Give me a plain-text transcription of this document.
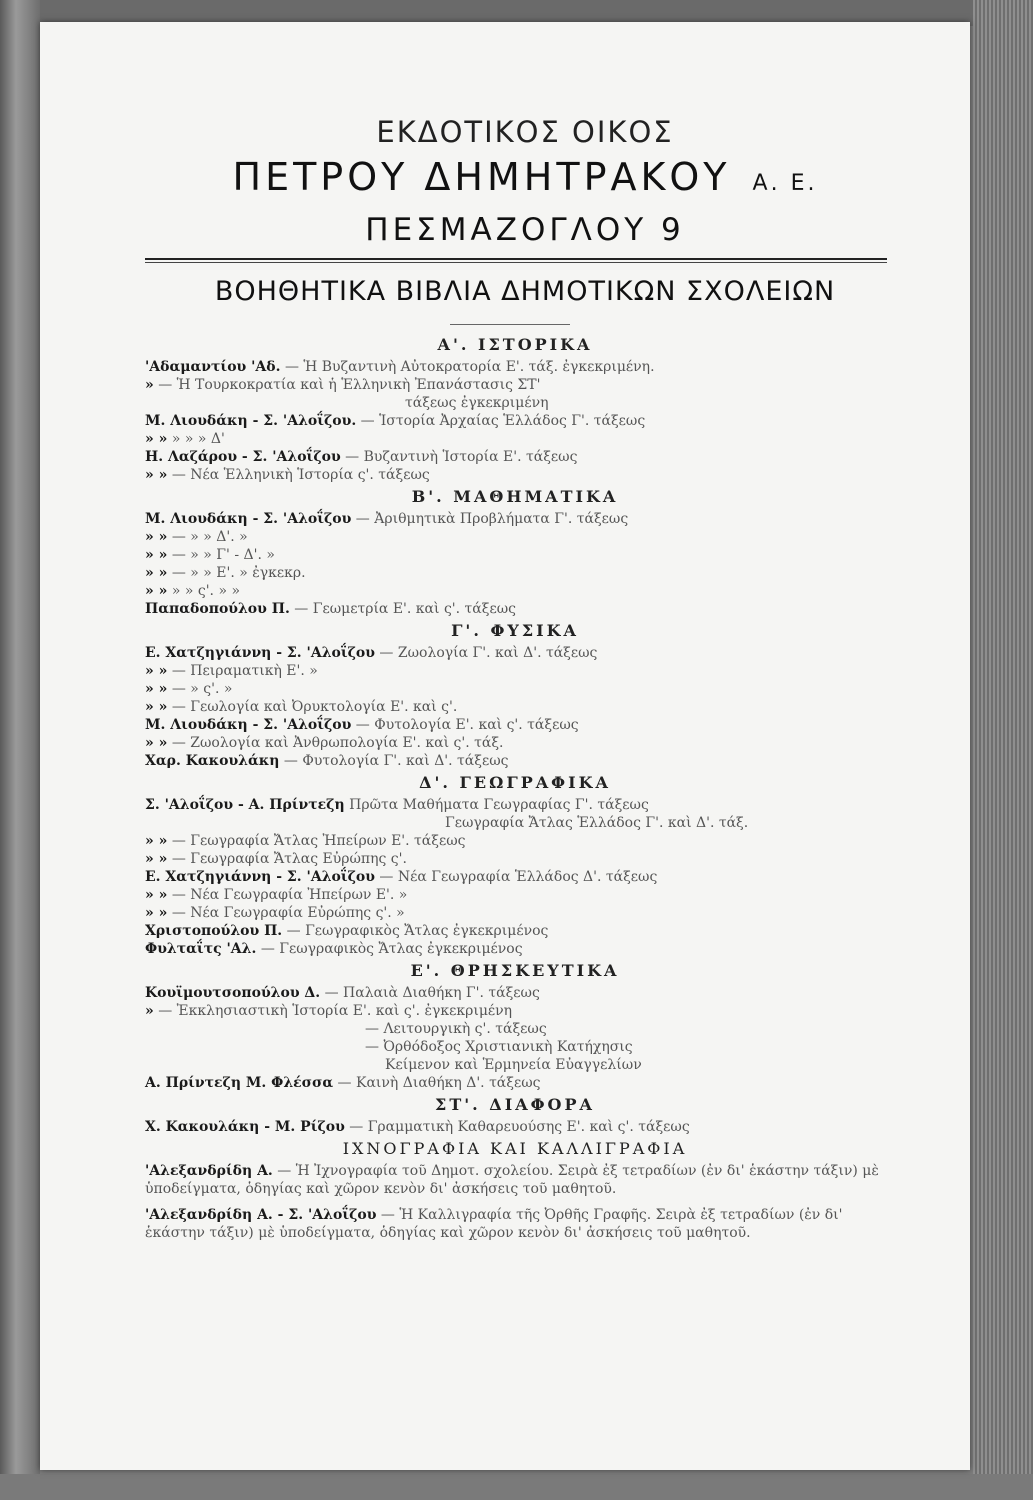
ΕΚΔΟΤΙΚΟΣ ΟΙΚΟΣ
ΠΕΤΡΟΥ ΔΗΜΗΤΡΑΚΟΥ Α. Ε.
ΠΕΣΜΑΖΟΓΛΟΥ 9
ΒΟΗΘΗΤΙΚΑ ΒΙΒΛΙΑ ΔΗΜΟΤΙΚΩΝ ΣΧΟΛΕΙΩΝ
Α'. ΙΣΤΟΡΙΚΑ
'Αδαμαντίου 'Αδ. — Ἡ Βυζαντινὴ Αὐτοκρατορία Ε'. τάξ. ἐγκεκριμένη.
» — Ἡ Τουρκοκρατία καὶ ἡ Ἑλληνικὴ Ἐπανάστασις ΣΤ'
τάξεως ἐγκεκριμένη
Μ. Λιουδάκη - Σ. 'Αλοΐζου. — Ἱστορία Ἀρχαίας Ἑλλάδος Γ'. τάξεως
» » » » » Δ'
Η. Λαζάρου - Σ. 'Αλοΐζου — Βυζαντινὴ Ἱστορία Ε'. τάξεως
» » — Νέα Ἑλληνικὴ Ἱστορία ς'. τάξεως
Β'. ΜΑΘΗΜΑΤΙΚΑ
Μ. Λιουδάκη - Σ. 'Αλοΐζου — Ἀριθμητικὰ Προβλήματα Γ'. τάξεως
» » — » » Δ'. »
» » — » » Γ' - Δ'. »
» » — » » Ε'. » ἐγκεκρ.
» » » » ς'. » »
Παπαδοπούλου Π. — Γεωμετρία Ε'. καὶ ς'. τάξεως
Γ'. ΦΥΣΙΚΑ
Ε. Χατζηγιάννη - Σ. 'Αλοΐζου — Ζωολογία Γ'. καὶ Δ'. τάξεως
» » — Πειραματικὴ Ε'. »
» » — » ς'. »
» » — Γεωλογία καὶ Ὀρυκτολογία Ε'. καὶ ς'.
Μ. Λιουδάκη - Σ. 'Αλοΐζου — Φυτολογία Ε'. καὶ ς'. τάξεως
» » — Ζωολογία καὶ Ἀνθρωπολογία Ε'. καὶ ς'. τάξ.
Χαρ. Κακουλάκη — Φυτολογία Γ'. καὶ Δ'. τάξεως
Δ'. ΓΕΩΓΡΑΦΙΚΑ
Σ. 'Αλοΐζου - Α. Πρίντεζη Πρῶτα Μαθήματα Γεωγραφίας Γ'. τάξεως
Γεωγραφία Ἄτλας Ἑλλάδος Γ'. καὶ Δ'. τάξ.
» » — Γεωγραφία Ἄτλας Ἠπείρων Ε'. τάξεως
» » — Γεωγραφία Ἄτλας Εὐρώπης ς'.
Ε. Χατζηγιάννη - Σ. 'Αλοΐζου — Νέα Γεωγραφία Ἑλλάδος Δ'. τάξεως
» » — Νέα Γεωγραφία Ἠπείρων Ε'. »
» » — Νέα Γεωγραφία Εὐρώπης ς'. »
Χριστοπούλου Π. — Γεωγραφικὸς Ἄτλας ἐγκεκριμένος
Φυλταΐτς 'Αλ. — Γεωγραφικὸς Ἄτλας ἐγκεκριμένος
Ε'. ΘΡΗΣΚΕΥΤΙΚΑ
Κουϊμουτσοπούλου Δ. — Παλαιὰ Διαθήκη Γ'. τάξεως
» — Ἐκκλησιαστικὴ Ἱστορία Ε'. καὶ ς'. ἐγκεκριμένη
— Λειτουργικὴ ς'. τάξεως
— Ὀρθόδοξος Χριστιανικὴ Κατήχησις
Κείμενον καὶ Ἑρμηνεία Εὐαγγελίων
Α. Πρίντεζη Μ. Φλέσσα — Καινὴ Διαθήκη Δ'. τάξεως
ΣΤ'. ΔΙΑΦΟΡΑ
Χ. Κακουλάκη - Μ. Ρίζου — Γραμματικὴ Καθαρευούσης Ε'. καὶ ς'. τάξεως
ΙΧΝΟΓΡΑΦΙΑ ΚΑΙ ΚΑΛΛΙΓΡΑΦΙΑ
'Αλεξανδρίδη Α. — Ἡ Ἰχνογραφία τοῦ Δημοτ. σχολείου. Σειρὰ ἐξ τετραδίων (ἐν δι' ἑκάστην τάξιν) μὲ ὑποδείγματα, ὁδηγίας καὶ χῶρον κενὸν δι' ἀσκήσεις τοῦ μαθητοῦ.
'Αλεξανδρίδη Α. - Σ. 'Αλοΐζου — Ἡ Καλλιγραφία τῆς Ὀρθῆς Γραφῆς. Σειρὰ ἐξ τετραδίων (ἐν δι' ἑκάστην τάξιν) μὲ ὑποδείγματα, ὁδηγίας καὶ χῶρον κενὸν δι' ἀσκήσεις τοῦ μαθητοῦ.
